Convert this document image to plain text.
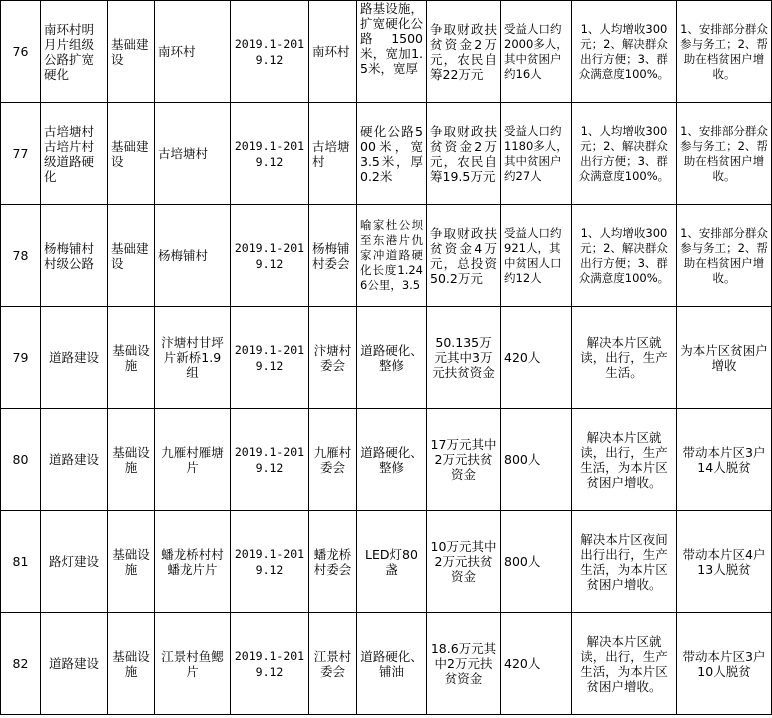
76	南环村明月片组级公路扩宽硬化	基础建设	南环村	2019.1-2019.12	南环村	路基设施，扩宽硬化公路1500米，宽加1.5米，宽厚	争取财政扶贫资金2万元，农民自筹22万元	受益人口约2000多人，其中贫困户约16人	1、人均增收300元；2、解决群众出行方便；3、群众满意度100%。	1、安排部分群众参与务工；2、帮助在档贫困户增收。
77	古培塘村古培片村级道路硬化	基础建设	古培塘村	2019.1-2019.12	古培塘村	硬化公路500米，宽3.5米，厚0.2米	争取财政扶贫资金2万元，农民自筹19.5万元	受益人口约1180多人，其中贫困户约27人	1、人均增收300元；2、解决群众出行方便；3、群众满意度100%。	1、安排部分群众参与务工；2、帮助在档贫困户增收。
78	杨梅铺村村级公路	基础建设	杨梅铺村	2019.1-2019.12	杨梅铺村委会	喻家杜公坝至东港片仇家冲道路硬化长度1.246公里，3.5	争取财政扶贫资金4万元，总投资50.2万元	受益人口约921人，其中贫困人口约12人	1、人均增收300元；2、解决群众出行方便；3、群众满意度100%。	1、安排部分群众参与务工；2、帮助在档贫困户增收。
79	道路建设	基础设施	汴塘村甘坪片新桥1.9组	2019.1-2019.12	汴塘村委会	道路硬化、整修	50.135万元其中3万元扶贫资金	420人	解决本片区就读，出行，生产生活。	为本片区贫困户增收
80	道路建设	基础设施	九雁村雁塘片	2019.1-2019.12	九雁村委会	道路硬化、整修	17万元其中2万元扶贫资金	800人	解决本片区就读，出行，生产生活，为本片区贫困户增收。	带动本片区3户14人脱贫
81	路灯建设	基础设施	蟠龙桥村村蟠龙片片	2019.1-2019.12	蟠龙桥村委会	LED灯80盏	10万元其中2万元扶贫资金	800人	解决本片区夜间出行出行，生产生活，为本片区贫困户增收。	带动本片区4户13人脱贫
82	道路建设	基础设施	江景村鱼鳃片	2019.1-2019.12	江景村委会	道路硬化、铺油	18.6万元其中2万元扶贫资金	420人	解决本片区就读，出行，生产生活，为本片区贫困户增收。	带动本片区3户10人脱贫
